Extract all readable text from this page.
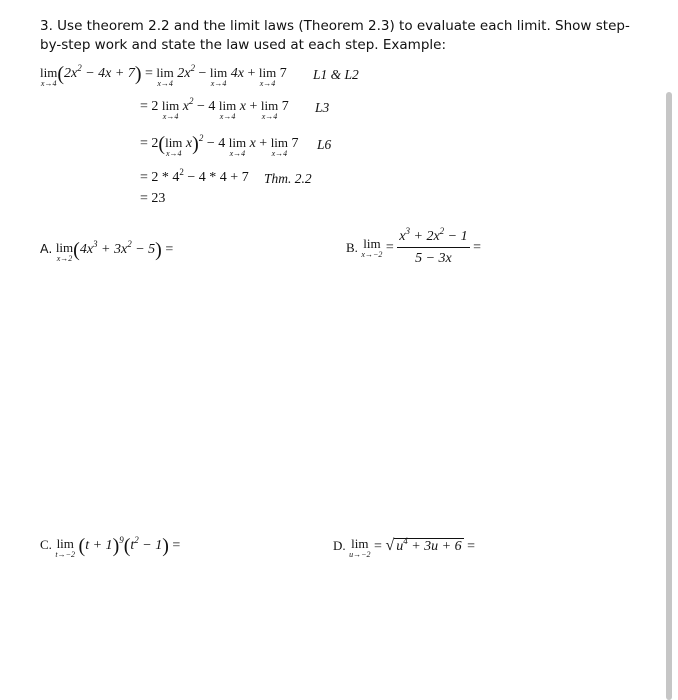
3. Use theorem 2.2 and the limit laws (Theorem 2.3) to evaluate each limit. Show step-by-step work and state the law used at each step. Example:
lim
x→4 $(2x^2 - 4x + 7) = \lim$
x→4
$2x^2 - \lim$
x→4
4x + lim
x→4
7 L1 & L2
= 2 lim
x→4
$x^2 - 4$ lim
x→4
x + lim
x→4
7 L3
= 2( lim
x→4
x)$^2$ − 4 lim
x→4
x + lim
x→4
7 L6
= $2 * 4^2 - 4 * 4 + 7$ Thm. 2.2
= 23
A. lim
x→2 $(4x^3 + 3x^2 - 5)$ =	B. lim
$x\to-2 = \frac{x^3 + 2x^2 - 1}{5 - 3x}$ =
C. lim
t→−2 $(t + 1)^9(t^2 - 1)$ =	D. lim
u→−2
= √ $u^4 + 3u + 6$ =
